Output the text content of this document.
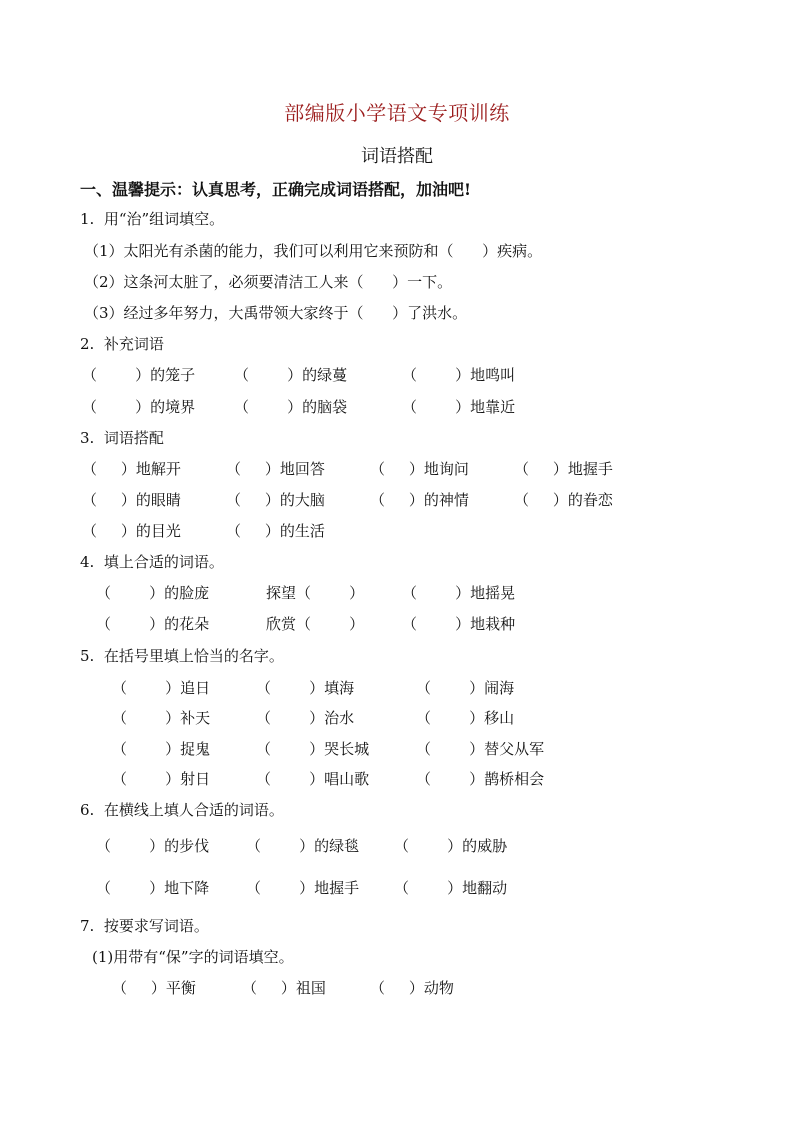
部编版小学语文专项训练
词语搭配
一、温馨提示：认真思考，正确完成词语搭配，加油吧!
1.  用“治”组词填空。
（1）太阳光有杀菌的能力，我们可以利用它来预防和（      ）疾病。
（2）这条河太脏了，必须要清洁工人来（      ）一下。
（3）经过多年努力，大禹带领大家终于（      ）了洪水。
2.  补充词语
（        ）的笼子	（        ）的绿蔓	（        ）地鸣叫
（        ）的境界	（        ）的脑袋	（        ）地靠近
3.  词语搭配
（     ）地解开	（     ）地回答	（     ）地询问	（     ）地握手
（     ）的眼睛	（     ）的大脑	（     ）的神情	（     ）的眷恋
（     ）的目光	（     ）的生活
4.  填上合适的词语。
（        ）的脸庞	探望（        ）	（        ）地摇晃
（        ）的花朵	欣赏（        ）	（        ）地栽种
5.  在括号里填上恰当的名字。
（        ）追日	（        ）填海	（        ）闹海
（        ）补天	（        ）治水	（        ）移山
（        ）捉鬼	（        ）哭长城	（        ）替父从军
（        ）射日	（        ）唱山歌	（        ）鹊桥相会
6.  在横线上填人合适的词语。
（        ）的步伐 （        ）的绿毯 （        ）的威胁
（        ）地下降 （        ）地握手 （        ）地翻动
7.  按要求写词语。
(1)用带有“保”字的词语填空。
（     ）平衡	（     ）祖国	（     ）动物
